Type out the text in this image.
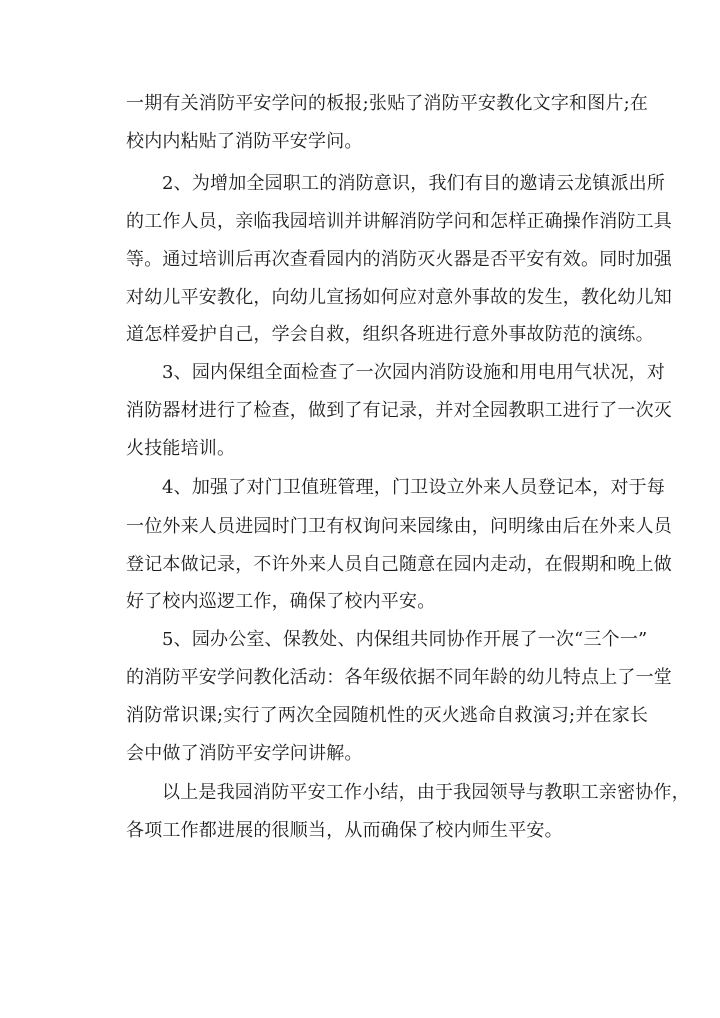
一期有关消防平安学问的板报;张贴了消防平安教化文字和图片;在
校内内粘贴了消防平安学问。
2、为增加全园职工的消防意识，我们有目的邀请云龙镇派出所
的工作人员，亲临我园培训并讲解消防学问和怎样正确操作消防工具
等。通过培训后再次查看园内的消防灭火器是否平安有效。同时加强
对幼儿平安教化，向幼儿宣扬如何应对意外事故的发生，教化幼儿知
道怎样爱护自己，学会自救，组织各班进行意外事故防范的演练。
3、园内保组全面检查了一次园内消防设施和用电用气状况，对
消防器材进行了检查，做到了有记录，并对全园教职工进行了一次灭
火技能培训。
4、加强了对门卫值班管理，门卫设立外来人员登记本，对于每
一位外来人员进园时门卫有权询问来园缘由，问明缘由后在外来人员
登记本做记录，不许外来人员自己随意在园内走动，在假期和晚上做
好了校内巡逻工作，确保了校内平安。
5、园办公室、保教处、内保组共同协作开展了一次“三个一”
的消防平安学问教化活动：各年级依据不同年龄的幼儿特点上了一堂
消防常识课;实行了两次全园随机性的灭火逃命自救演习;并在家长
会中做了消防平安学问讲解。
以上是我园消防平安工作小结，由于我园领导与教职工亲密协作，
各项工作都进展的很顺当，从而确保了校内师生平安。
